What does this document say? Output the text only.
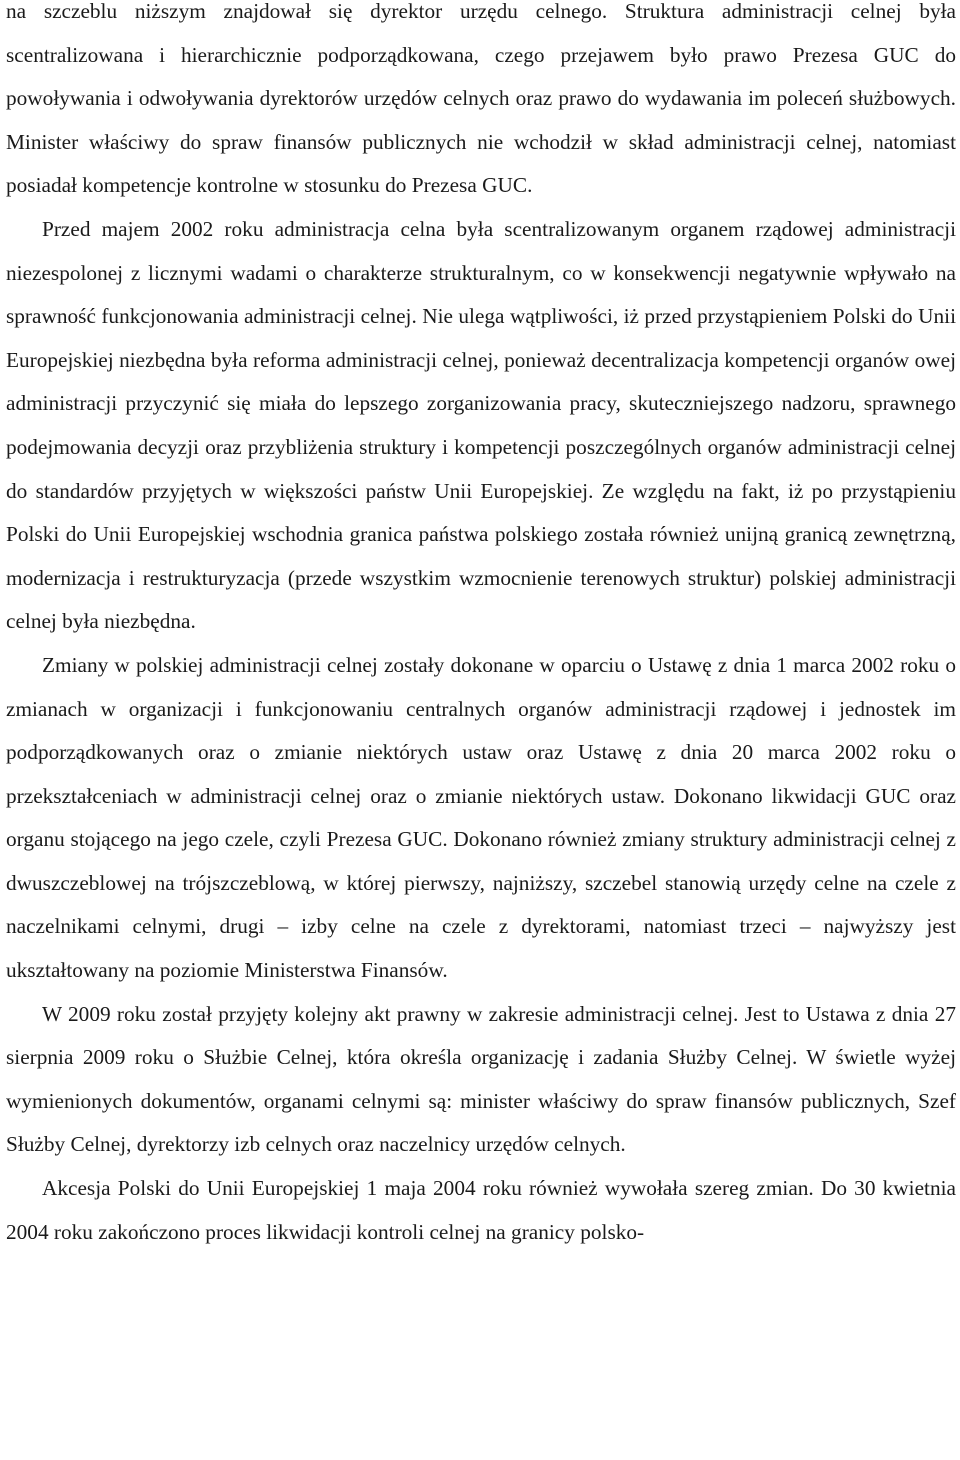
na szczeblu niższym znajdował się dyrektor urzędu celnego. Struktura administracji celnej była scentralizowana i hierarchicznie podporządkowana, czego przejawem było prawo Prezesa GUC do powoływania i odwoływania dyrektorów urzędów celnych oraz prawo do wydawania im poleceń służbowych. Minister właściwy do spraw finansów publicznych nie wchodził w skład administracji celnej, natomiast posiadał kompetencje kontrolne w stosunku do Prezesa GUC.

Przed majem 2002 roku administracja celna była scentralizowanym organem rządowej administracji niezespolonej z licznymi wadami o charakterze strukturalnym, co w konsekwencji negatywnie wpływało na sprawność funkcjonowania administracji celnej. Nie ulega wątpliwości, iż przed przystąpieniem Polski do Unii Europejskiej niezbędna była reforma administracji celnej, ponieważ decentralizacja kompetencji organów owej administracji przyczynić się miała do lepszego zorganizowania pracy, skuteczniejszego nadzoru, sprawnego podejmowania decyzji oraz przybliżenia struktury i kompetencji poszczególnych organów administracji celnej do standardów przyjętych w większości państw Unii Europejskiej. Ze względu na fakt, iż po przystąpieniu Polski do Unii Europejskiej wschodnia granica państwa polskiego została również unijną granicą zewnętrzną, modernizacja i restrukturyzacja (przede wszystkim wzmocnienie terenowych struktur) polskiej administracji celnej była niezbędna.

Zmiany w polskiej administracji celnej zostały dokonane w oparciu o Ustawę z dnia 1 marca 2002 roku o zmianach w organizacji i funkcjonowaniu centralnych organów administracji rządowej i jednostek im podporządkowanych oraz o zmianie niektórych ustaw oraz Ustawę z dnia 20 marca 2002 roku o przekształceniach w administracji celnej oraz o zmianie niektórych ustaw. Dokonano likwidacji GUC oraz organu stojącego na jego czele, czyli Prezesa GUC. Dokonano również zmiany struktury administracji celnej z dwuszczeblowej na trójszczeblową, w której pierwszy, najniższy, szczebel stanowią urzędy celne na czele z naczelnikami celnymi, drugi – izby celne na czele z dyrektorami, natomiast trzeci – najwyższy jest ukształtowany na poziomie Ministerstwa Finansów.

W 2009 roku został przyjęty kolejny akt prawny w zakresie administracji celnej. Jest to Ustawa z dnia 27 sierpnia 2009 roku o Służbie Celnej, która określa organizację i zadania Służby Celnej. W świetle wyżej wymienionych dokumentów, organami celnymi są: minister właściwy do spraw finansów publicznych, Szef Służby Celnej, dyrektorzy izb celnych oraz naczelnicy urzędów celnych.

Akcesja Polski do Unii Europejskiej 1 maja 2004 roku również wywołała szereg zmian. Do 30 kwietnia 2004 roku zakończono proces likwidacji kontroli celnej na granicy polsko-
